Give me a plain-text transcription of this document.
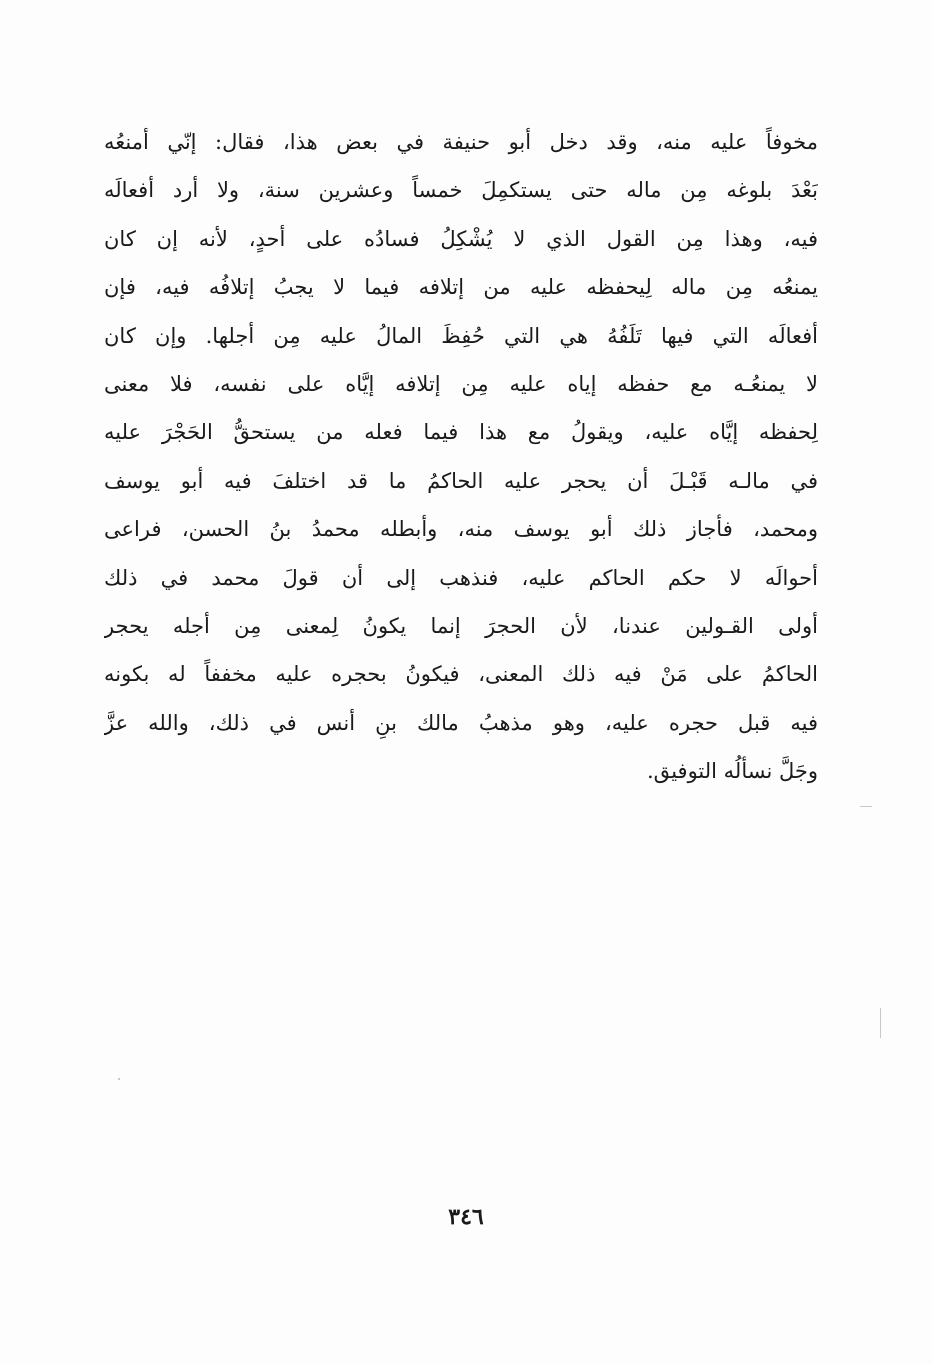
مخوفاً عليه منه، وقد دخل أبو حنيفة في بعض هذا، فقال: إنّي أمنعُه
بَعْدَ بلوغه مِن ماله حتى يستكمِلَ خمساً وعشرين سنة، ولا أرد أفعالَه
فيه، وهذا مِن القول الذي لا يُشْكِلُ فسادُه على أحدٍ، لأنه إن كان
يمنعُه مِن ماله لِيحفظه عليه من إتلافه فيما لا يجبُ إتلافُه فيه، فإن
أفعالَه التي فيها تَلَفُهُ هي التي حُفِظَ المالُ عليه مِن أجلها. وإن كان
لا يمنعُـه مع حفظه إياه عليه مِن إتلافه إيَّاه على نفسه، فلا معنى
لِحفظه إيَّاه عليه، ويقولُ مع هذا فيما فعله من يستحقُّ الحَجْرَ عليه
في مالـه قَبْـلَ أن يحجر عليه الحاكمُ ما قد اختلفَ فيه أبو يوسف
ومحمد، فأجاز ذلك أبو يوسف منه، وأبطله محمدُ بنُ الحسن، فراعى
أحوالَه لا حكم الحاكم عليه، فنذهب إلى أن قولَ محمد في ذلك
أولى القـولين عندنا، لأن الحجرَ إنما يكونُ لِمعنى مِن أجله يحجر
الحاكمُ على مَنْ فيه ذلك المعنى، فيكونُ بحجره عليه مخففاً له بكونه
فيه قبل حجره عليه، وهو مذهبُ مالك بنِ أنس في ذلك، والله عزَّ
وجَلَّ نسألُه التوفيق.
٣٤٦
